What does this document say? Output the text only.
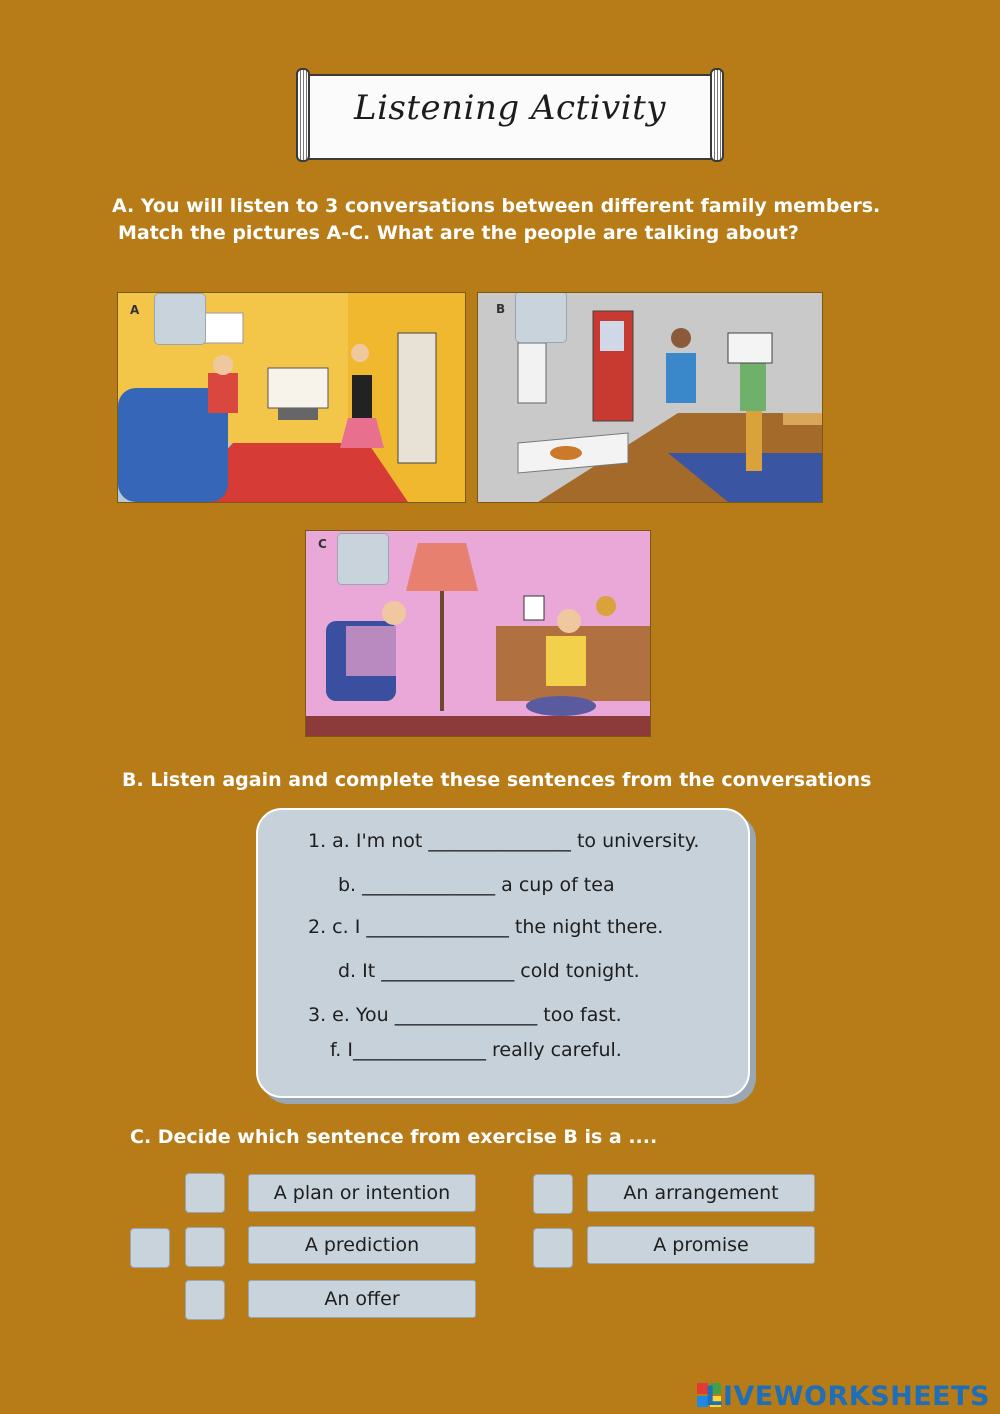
Listening Activity
A. You will listen to 3 conversations between different family members.
Match the pictures A-C. What are the people are talking about?
A	B
C
B. Listen again and complete these sentences from the conversations
1. a. I'm not _______________ to university.
b. ______________ a cup of tea
2. c. I _______________ the night there.
d. It ______________ cold tonight.
3. e. You _______________ too fast.
f. I______________ really careful.
C. Decide which sentence from exercise B is a ....
A plan or intention	An arrangement
A prediction	A promise
An offer
LIVEWORKSHEETS
